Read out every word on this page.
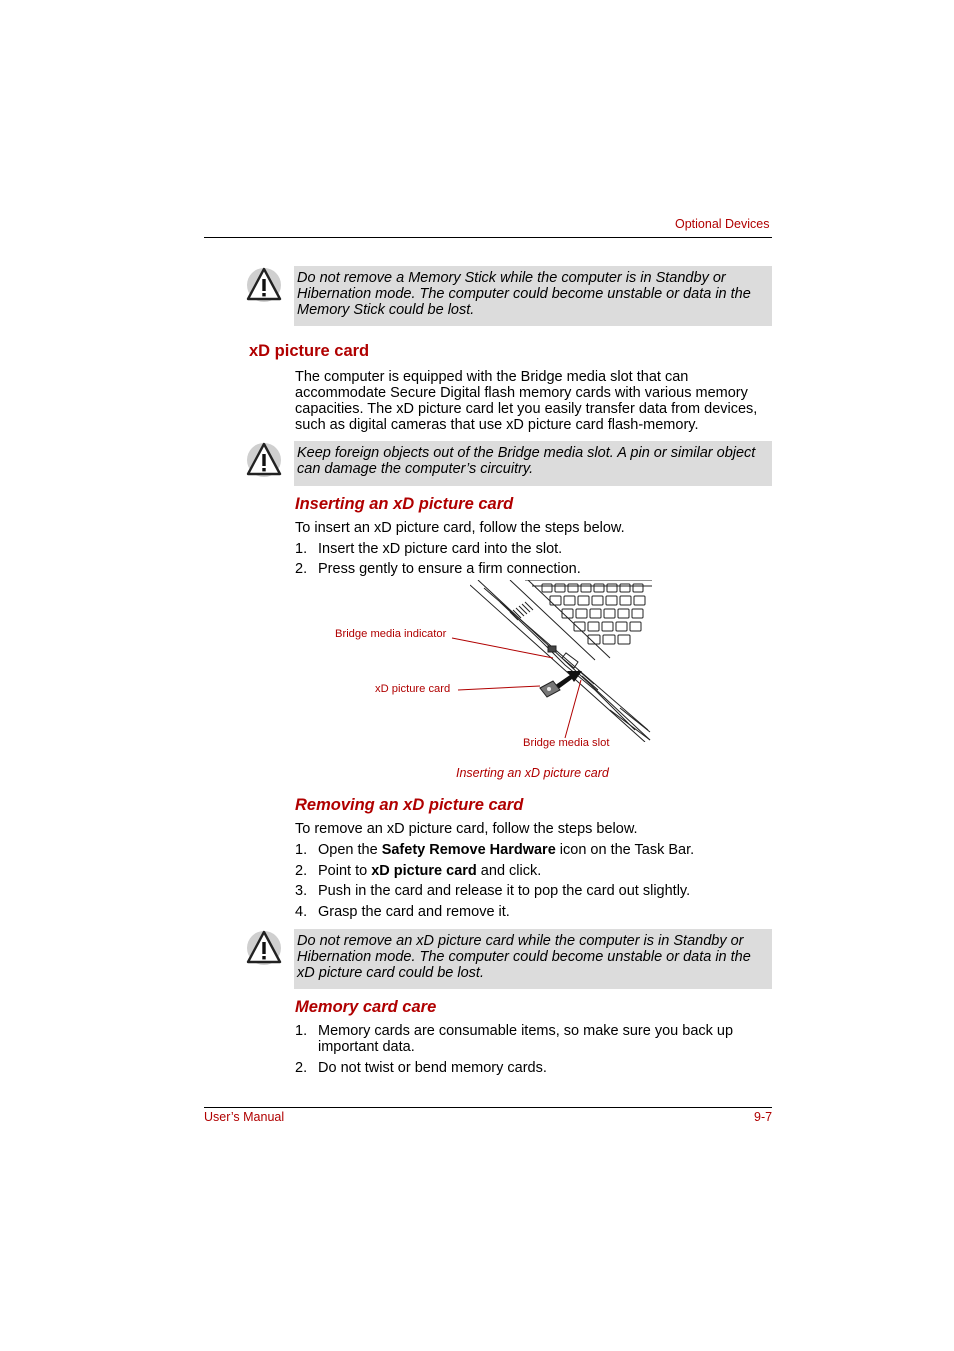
Optional Devices
Do not remove a Memory Stick while the computer is in Standby or Hibernation mode. The computer could become unstable or data in the Memory Stick could be lost.
xD picture card
The computer is equipped with the Bridge media slot that can accommodate Secure Digital flash memory cards with various memory capacities. The xD picture card let you easily transfer data from devices, such as digital cameras that use xD picture card flash-memory.
Keep foreign objects out of the Bridge media slot. A pin or similar object can damage the computer’s circuitry.
Inserting an xD picture card
To insert an xD picture card, follow the steps below.
1. Insert the xD picture card into the slot.
2. Press gently to ensure a firm connection.
Bridge media indicator
xD picture card
Bridge media slot
Inserting an xD picture card
Removing an xD picture card
To remove an xD picture card, follow the steps below.
1. Open the Safety Remove Hardware icon on the Task Bar.
2. Point to xD picture card and click.
3. Push in the card and release it to pop the card out slightly.
4. Grasp the card and remove it.
Do not remove an xD picture card while the computer is in Standby or Hibernation mode. The computer could become unstable or data in the xD picture card could be lost.
Memory card care
1. Memory cards are consumable items, so make sure you back up important data.
2. Do not twist or bend memory cards.
User’s Manual	9-7
